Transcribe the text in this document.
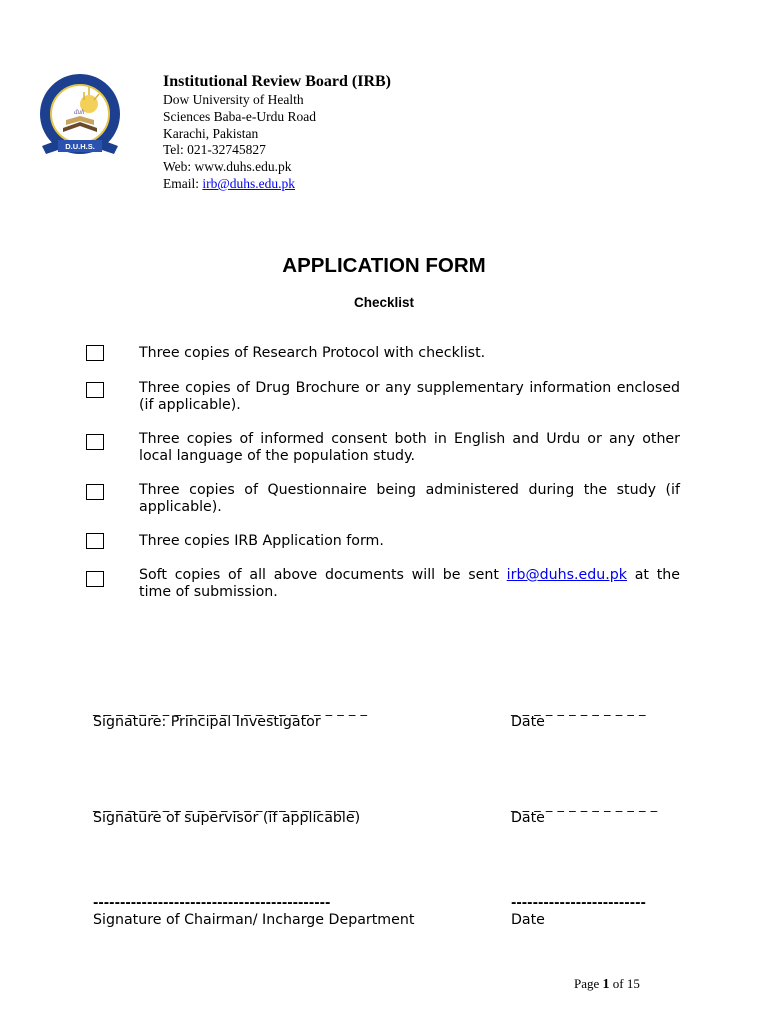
duh
D.U.H.S.
Institutional Review Board (IRB)
Dow University of Health
Sciences Baba-e-Urdu Road
Karachi, Pakistan
Tel: 021-32745827
Web: www.duhs.edu.pk
Email: irb@duhs.edu.pk
APPLICATION FORM
Checklist
Three copies of Research Protocol with checklist.
Three copies of Drug Brochure or any supplementary information enclosed (if applicable).
Three copies of informed consent both in English and Urdu or any other local language of the population study.
Three copies of Questionnaire being administered during the study (if applicable).
Three copies IRB Application form.
Soft copies of all above documents will be sent irb@duhs.edu.pk at the time of submission.
_ _ _ _ _ _ _ _ _ _ _ _ _ _ _ _ _ _ _ _ _ _ _ _	_ _ _ _ _ _ _ _ _ _ _ _
Signature: Principal Investigator	Date
_ _ _ _ _ _ _ _ _ _ _ _ _ _ _ _ _ _ _ _ _ _ _	_ _ _ _ _ _ _ _ _ _ _ _ _
Signature of supervisor (if applicable)	Date
--------------------------------------------	-------------------------
Signature of Chairman/ Incharge Department	Date
Page 1 of 15
